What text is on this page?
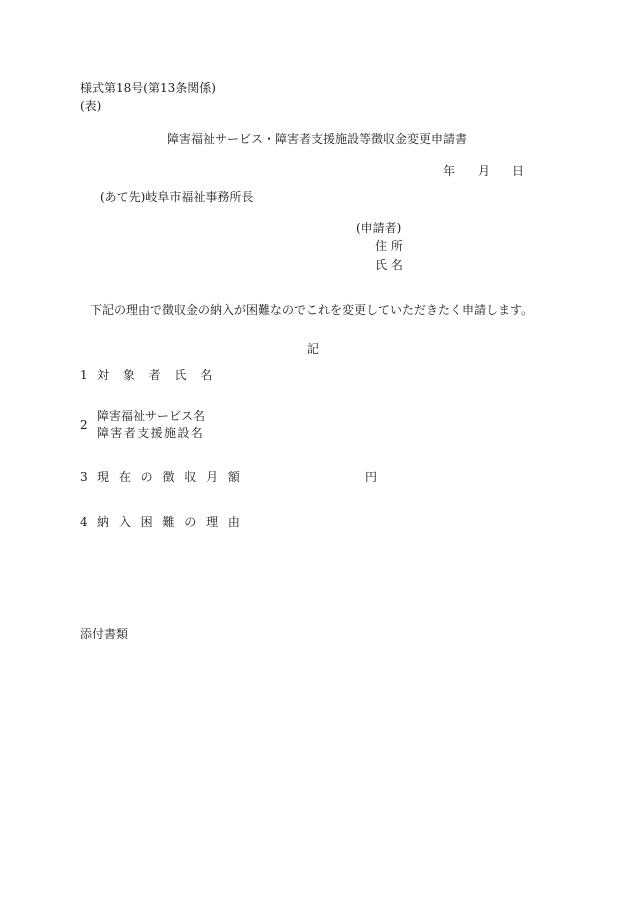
様式第18号(第13条関係)
(表)
障害福祉サービス・障害者支援施設等徴収金変更申請書
年 月 日
(あて先)岐阜市福祉事務所長
(申請者)
住 所
氏 名
下記の理由で徴収金の納入が困難なのでこれを変更していただきたく申請します。
記
1 対 象 者 氏 名
2
障害福祉サービス名
障害者支援施設名
3 現 在 の 徴 収 月 額	円
4 納 入 困 難 の 理 由
添付書類
